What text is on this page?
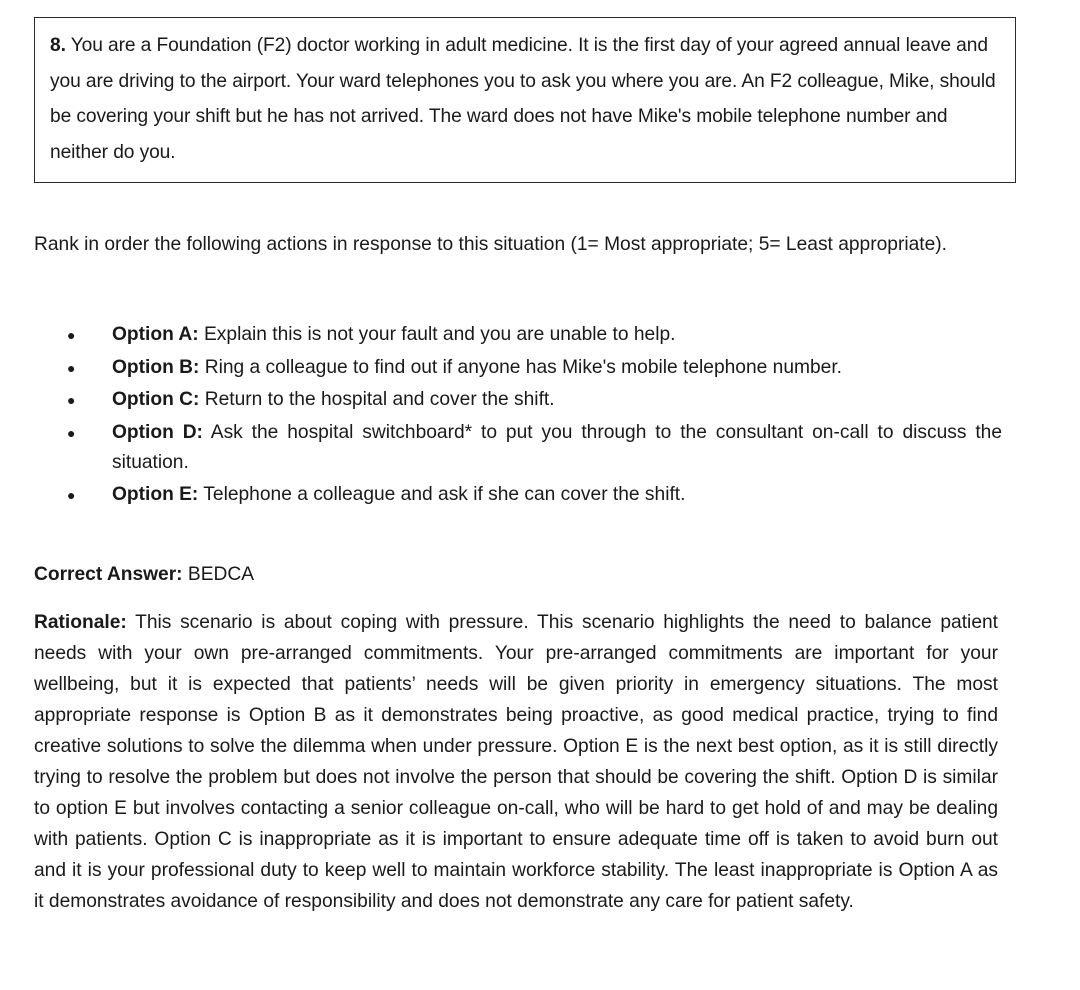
8. You are a Foundation (F2) doctor working in adult medicine. It is the first day of your agreed annual leave and you are driving to the airport. Your ward telephones you to ask you where you are. An F2 colleague, Mike, should be covering your shift but he has not arrived. The ward does not have Mike's mobile telephone number and neither do you.

Rank in order the following actions in response to this situation (1= Most appropriate; 5= Least appropriate).

● Option A: Explain this is not your fault and you are unable to help.
● Option B: Ring a colleague to find out if anyone has Mike's mobile telephone number.
● Option C: Return to the hospital and cover the shift.
● Option D: Ask the hospital switchboard* to put you through to the consultant on-call to discuss the situation.
● Option E: Telephone a colleague and ask if she can cover the shift.

Correct Answer: BEDCA

Rationale: This scenario is about coping with pressure. This scenario highlights the need to balance patient needs with your own pre-arranged commitments. Your pre-arranged commitments are important for your wellbeing, but it is expected that patients’ needs will be given priority in emergency situations. The most appropriate response is Option B as it demonstrates being proactive, as good medical practice, trying to find creative solutions to solve the dilemma when under pressure. Option E is the next best option, as it is still directly trying to resolve the problem but does not involve the person that should be covering the shift. Option D is similar to option E but involves contacting a senior colleague on-call, who will be hard to get hold of and may be dealing with patients. Option C is inappropriate as it is important to ensure adequate time off is taken to avoid burn out and it is your professional duty to keep well to maintain workforce stability. The least inappropriate is Option A as it demonstrates avoidance of responsibility and does not demonstrate any care for patient safety.
